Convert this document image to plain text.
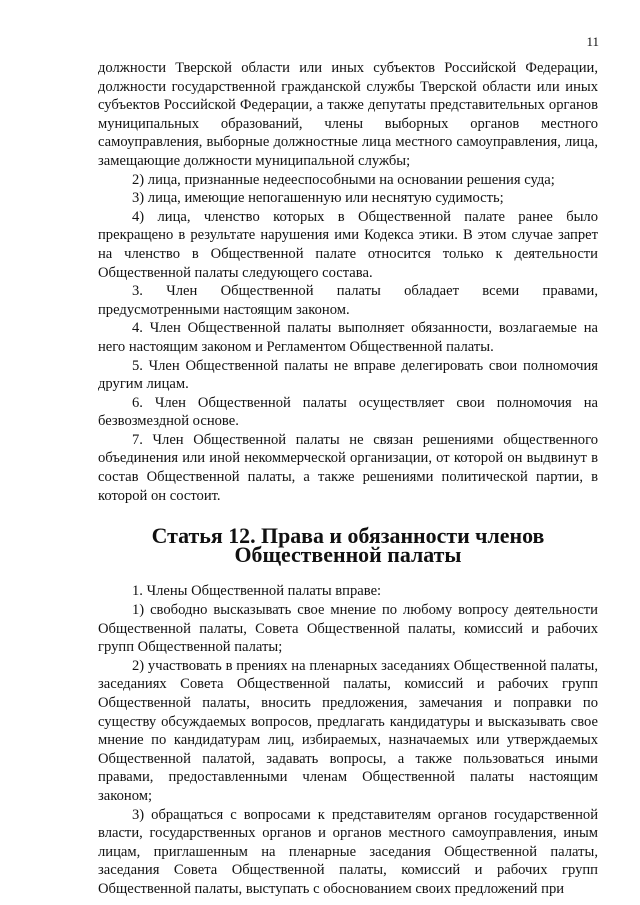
11

должности Тверской области или иных субъектов Российской Федерации, должности государственной гражданской службы Тверской области или иных субъектов Российской Федерации, а также депутаты представительных органов муниципальных образований, члены выборных органов местного самоуправления, выборные должностные лица местного самоуправления, лица, замещающие должности муниципальной службы;

2) лица, признанные недееспособными на основании решения суда;

3) лица, имеющие непогашенную или неснятую судимость;

4) лица, членство которых в Общественной палате ранее было прекращено в результате нарушения ими Кодекса этики. В этом случае запрет на членство в Общественной палате относится только к деятельности Общественной палаты следующего состава.

3. Член Общественной палаты обладает всеми правами, предусмотренными настоящим законом.

4. Член Общественной палаты выполняет обязанности, возлагаемые на него настоящим законом и Регламентом Общественной палаты.

5. Член Общественной палаты не вправе делегировать свои полномочия другим лицам.

6. Член Общественной палаты осуществляет свои полномочия на безвозмездной основе.

7. Член Общественной палаты не связан решениями общественного объединения или иной некоммерческой организации, от которой он выдвинут в состав Общественной палаты, а также решениями политической партии, в которой он состоит.

Статья 12. Права и обязанности членов Общественной палаты

1. Члены Общественной палаты вправе:

1) свободно высказывать свое мнение по любому вопросу деятельности Общественной палаты, Совета Общественной палаты, комиссий и рабочих групп Общественной палаты;

2) участвовать в прениях на пленарных заседаниях Общественной палаты, заседаниях Совета Общественной палаты, комиссий и рабочих групп Общественной палаты, вносить предложения, замечания и поправки по существу обсуждаемых вопросов, предлагать кандидатуры и высказывать свое мнение по кандидатурам лиц, избираемых, назначаемых или утверждаемых Общественной палатой, задавать вопросы, а также пользоваться иными правами, предоставленными членам Общественной палаты настоящим законом;

3) обращаться с вопросами к представителям органов государственной власти, государственных органов и органов местного самоуправления, иным лицам, приглашенным на пленарные заседания Общественной палаты, заседания Совета Общественной палаты, комиссий и рабочих групп Общественной палаты, выступать с обоснованием своих предложений при
